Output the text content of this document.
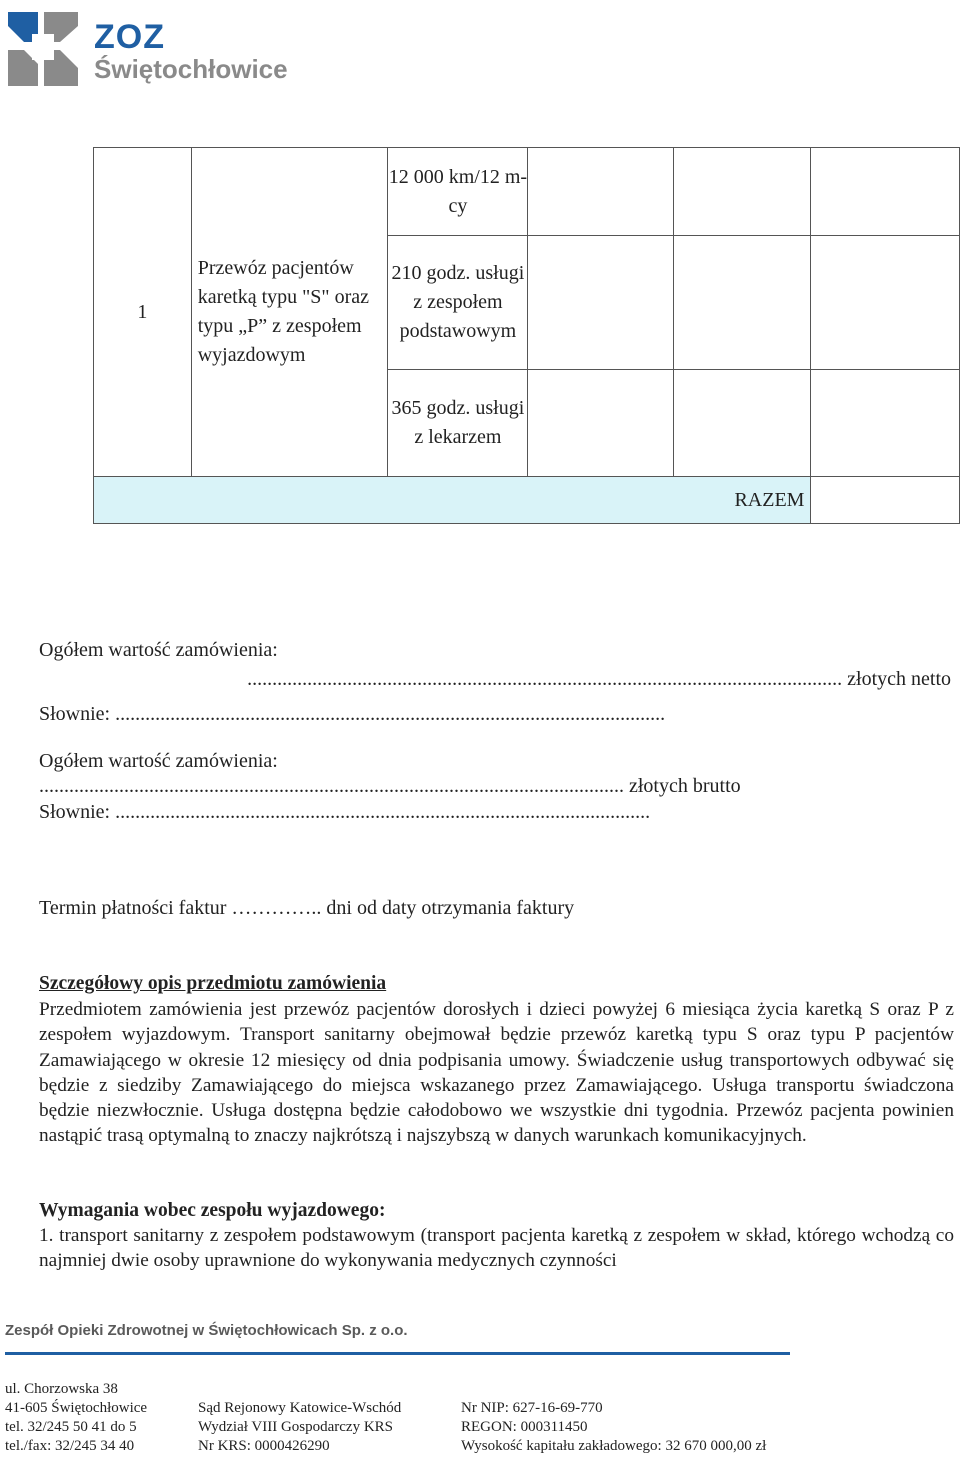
ZOZ
Świętochłowice
1	Przewóz pacjentów karetką typu "S" oraz typu „P” z zespołem wyjazdowym	12 000 km/12 m-cy			
		210 godz. usługi z zespołem podstawowym			
		365 godz. usługi z lekarzem			
RAZEM					
Ogółem wartość zamówienia:
....................................................................................................................... złotych netto
Słownie: ..............................................................................................................
Ogółem wartość zamówienia:
..................................................................................................................... złotych brutto
Słownie: ...........................................................................................................
Termin płatności faktur ………….. dni od daty otrzymania faktury
Szczegółowy opis przedmiotu zamówienia
Przedmiotem zamówienia jest przewóz pacjentów dorosłych i dzieci powyżej 6 miesiąca życia karetką S oraz P z zespołem wyjazdowym. Transport sanitarny obejmował będzie przewóz karetką typu S oraz typu P pacjentów Zamawiającego w okresie 12 miesięcy od dnia podpisania umowy. Świadczenie usług transportowych odbywać się będzie z siedziby Zamawiającego do miejsca wskazanego przez Zamawiającego. Usługa transportu świadczona będzie niezwłocznie. Usługa dostępna będzie całodobowo we wszystkie dni tygodnia. Przewóz pacjenta powinien nastąpić trasą optymalną to znaczy najkrótszą i najszybszą w danych warunkach komunikacyjnych.
Wymagania wobec zespołu wyjazdowego:
1. transport sanitarny z zespołem podstawowym (transport pacjenta karetką z zespołem w skład, którego wchodzą co najmniej dwie osoby uprawnione do wykonywania medycznych czynności
Zespół Opieki Zdrowotnej w Świętochłowicach Sp. z o.o.
ul. Chorzowska 38
41-605 Świętochłowice
tel. 32/245 50 41 do 5
tel./fax: 32/245 34 40
Sąd Rejonowy Katowice-Wschód
Wydział VIII Gospodarczy KRS
Nr KRS: 0000426290
Nr NIP: 627-16-69-770
REGON: 000311450
Wysokość kapitału zakładowego: 32 670 000,00 zł
